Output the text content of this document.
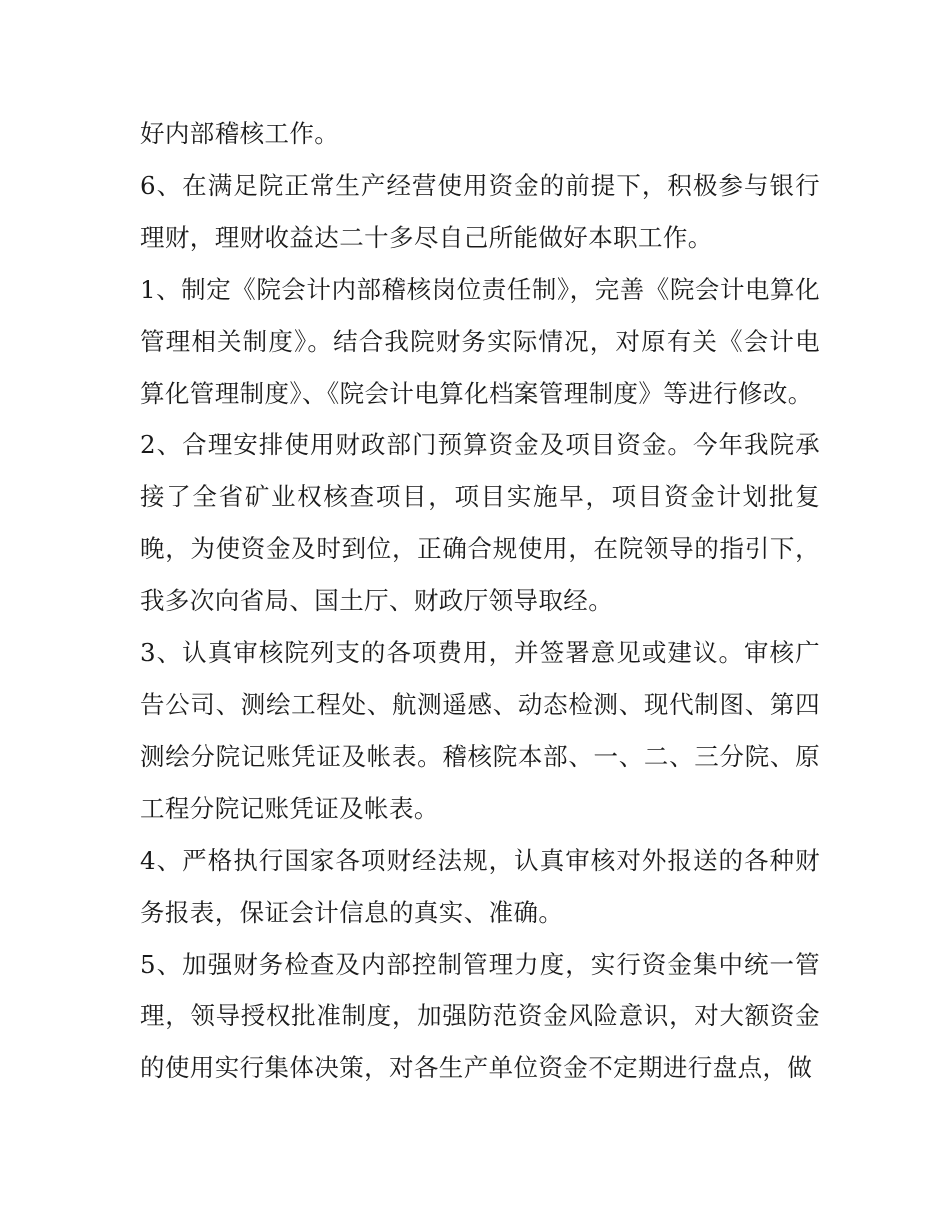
好内部稽核工作。

6、在满足院正常生产经营使用资金的前提下，积极参与银行理财，理财收益达二十多尽自己所能做好本职工作。

1、制定《院会计内部稽核岗位责任制》，完善《院会计电算化管理相关制度》。结合我院财务实际情况，对原有关《会计电算化管理制度》、《院会计电算化档案管理制度》等进行修改。

2、合理安排使用财政部门预算资金及项目资金。今年我院承接了全省矿业权核查项目，项目实施早，项目资金计划批复晚，为使资金及时到位，正确合规使用，在院领导的指引下，我多次向省局、国土厅、财政厅领导取经。

3、认真审核院列支的各项费用，并签署意见或建议。审核广告公司、测绘工程处、航测遥感、动态检测、现代制图、第四测绘分院记账凭证及帐表。稽核院本部、一、二、三分院、原工程分院记账凭证及帐表。

4、严格执行国家各项财经法规，认真审核对外报送的各种财务报表，保证会计信息的真实、准确。

5、加强财务检查及内部控制管理力度，实行资金集中统一管理，领导授权批准制度，加强防范资金风险意识，对大额资金的使用实行集体决策，对各生产单位资金不定期进行盘点，做
